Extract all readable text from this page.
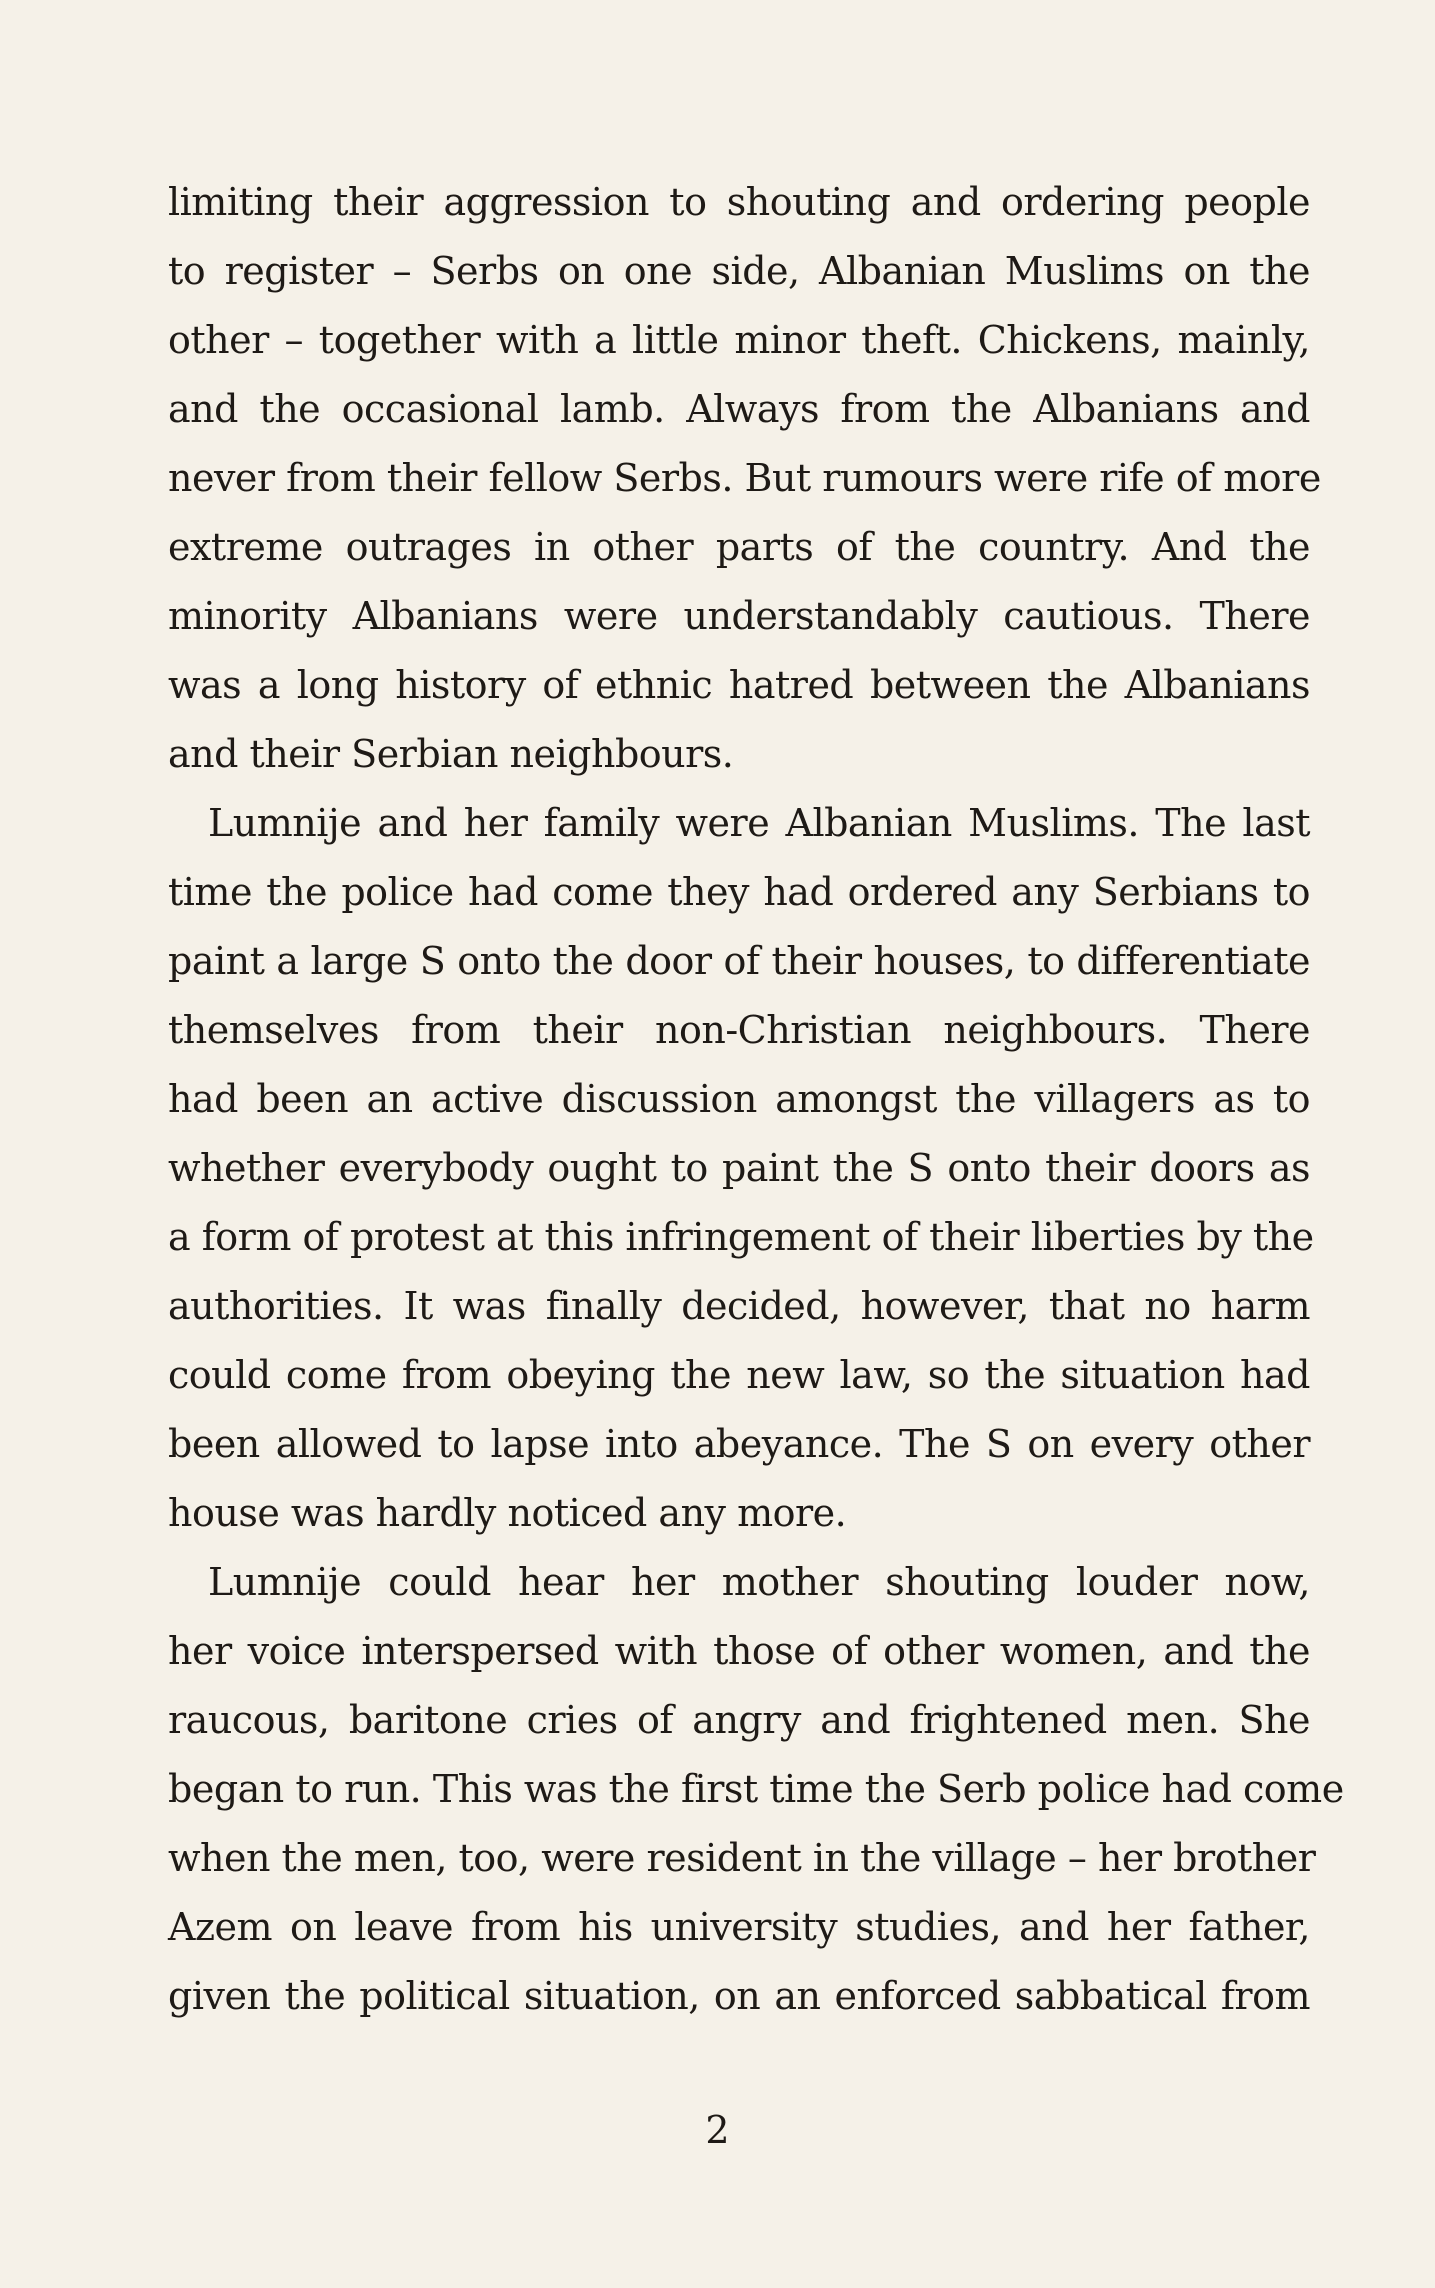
limiting their aggression to shouting and ordering people
to register – Serbs on one side, Albanian Muslims on the
other – together with a little minor theft. Chickens, mainly,
and the occasional lamb. Always from the Albanians and
never from their fellow Serbs. But rumours were rife of more
extreme outrages in other parts of the country. And the
minority Albanians were understandably cautious. There
was a long history of ethnic hatred between the Albanians
and their Serbian neighbours.
Lumnije and her family were Albanian Muslims. The last
time the police had come they had ordered any Serbians to
paint a large S onto the door of their houses, to differentiate
themselves from their non-Christian neighbours. There
had been an active discussion amongst the villagers as to
whether everybody ought to paint the S onto their doors as
a form of protest at this infringement of their liberties by the
authorities. It was finally decided, however, that no harm
could come from obeying the new law, so the situation had
been allowed to lapse into abeyance. The S on every other
house was hardly noticed any more.
Lumnije could hear her mother shouting louder now,
her voice interspersed with those of other women, and the
raucous, baritone cries of angry and frightened men. She
began to run. This was the first time the Serb police had come
when the men, too, were resident in the village – her brother
Azem on leave from his university studies, and her father,
given the political situation, on an enforced sabbatical from
2
